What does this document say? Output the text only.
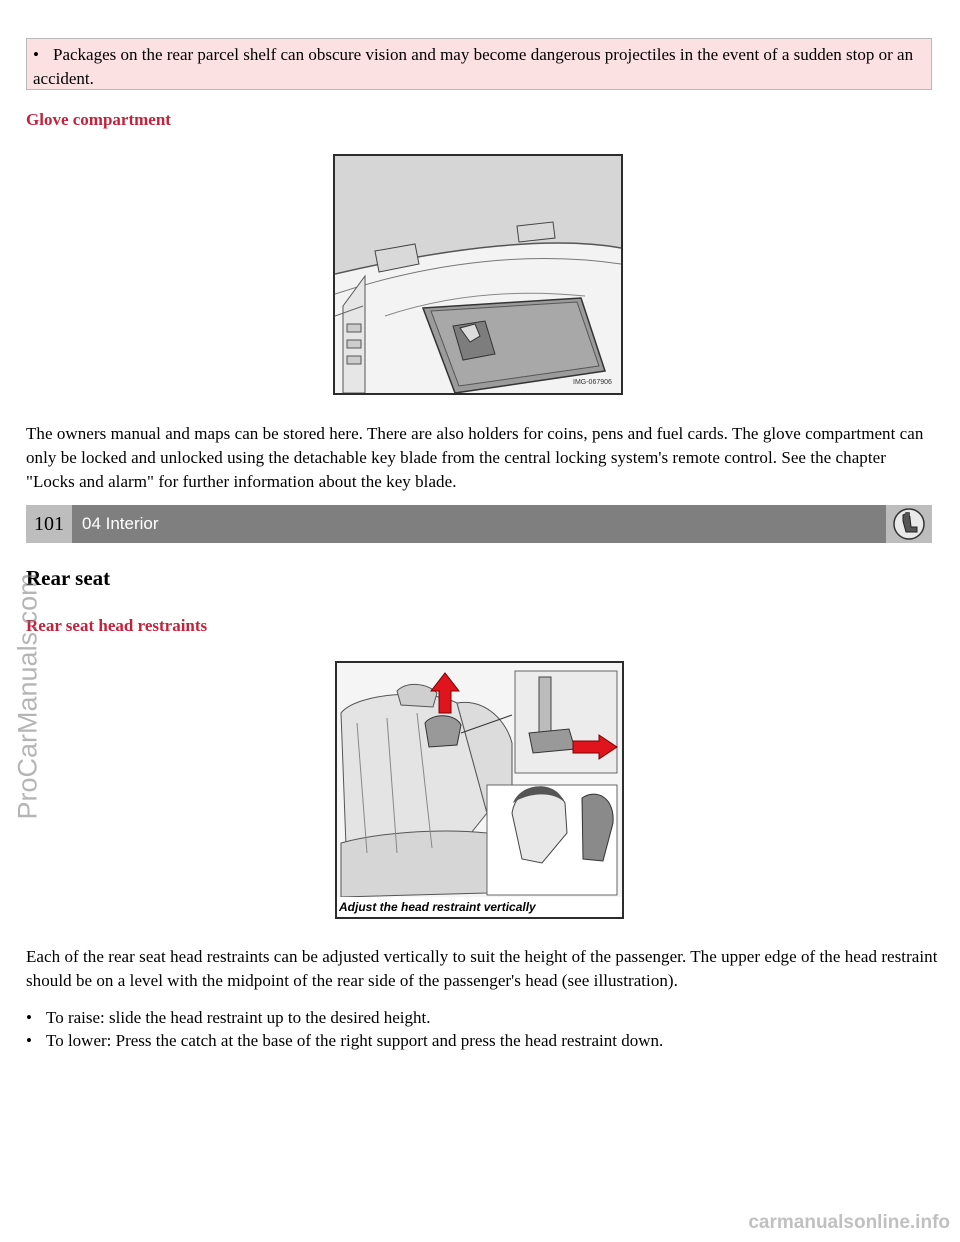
• Packages on the rear parcel shelf can obscure vision and may become dangerous projectiles in the event of a sudden stop or an accident.
Glove compartment
IMG-067906
The owners manual and maps can be stored here. There are also holders for coins, pens and fuel cards. The glove compartment can only be locked and unlocked using the detachable key blade from the central locking system's remote control. See the chapter "Locks and alarm" for further information about the key blade.
101	04 Interior
Rear seat
Rear seat head restraints
Adjust the head restraint vertically
Each of the rear seat head restraints can be adjusted vertically to suit the height of the passenger. The upper edge of the head restraint should be on a level with the midpoint of the rear side of the passenger's head (see illustration).
• To raise: slide the head restraint up to the desired height.
• To lower: Press the catch at the base of the right support and press the head restraint down.
ProCarManuals.com
carmanualsonline.info
